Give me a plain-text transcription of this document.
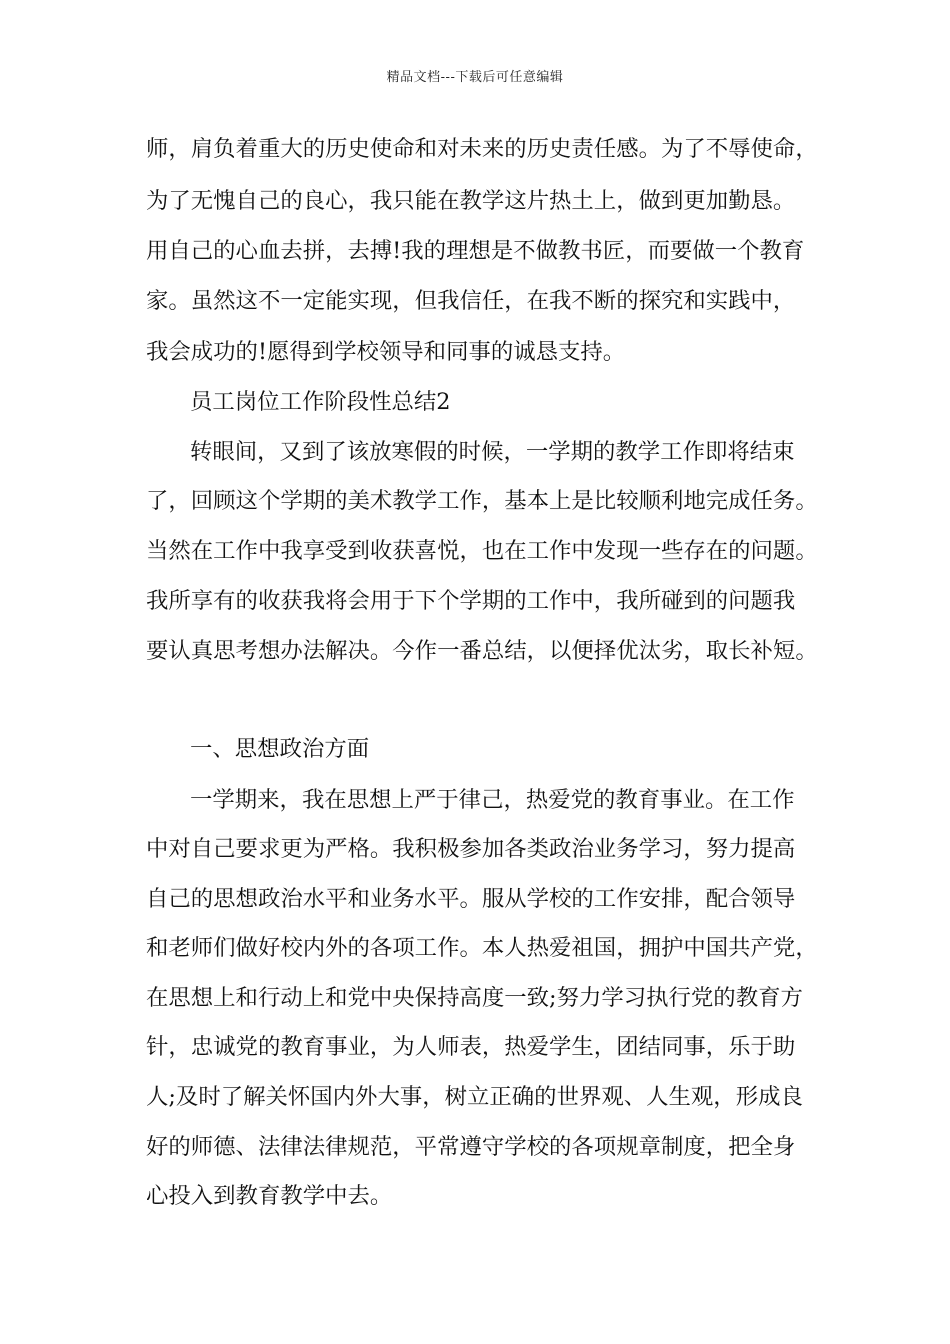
精品文档---下载后可任意编辑
师，肩负着重大的历史使命和对未来的历史责任感。为了不辱使命，
为了无愧自己的良心，我只能在教学这片热土上，做到更加勤恳。
用自己的心血去拼，去搏!我的理想是不做教书匠，而要做一个教育
家。虽然这不一定能实现，但我信任，在我不断的探究和实践中，
我会成功的!愿得到学校领导和同事的诚恳支持。
员工岗位工作阶段性总结2
转眼间，又到了该放寒假的时候，一学期的教学工作即将结束
了，回顾这个学期的美术教学工作，基本上是比较顺利地完成任务。
当然在工作中我享受到收获喜悦，也在工作中发现一些存在的问题。
我所享有的收获我将会用于下个学期的工作中，我所碰到的问题我
要认真思考想办法解决。今作一番总结，以便择优汰劣，取长补短。
一、思想政治方面
一学期来，我在思想上严于律己，热爱党的教育事业。在工作
中对自己要求更为严格。我积极参加各类政治业务学习，努力提高
自己的思想政治水平和业务水平。服从学校的工作安排，配合领导
和老师们做好校内外的各项工作。本人热爱祖国，拥护中国共产党，
在思想上和行动上和党中央保持高度一致;努力学习执行党的教育方
针，忠诚党的教育事业，为人师表，热爱学生，团结同事，乐于助
人;及时了解关怀国内外大事，树立正确的世界观、人生观，形成良
好的师德、法律法律规范，平常遵守学校的各项规章制度，把全身
心投入到教育教学中去。
